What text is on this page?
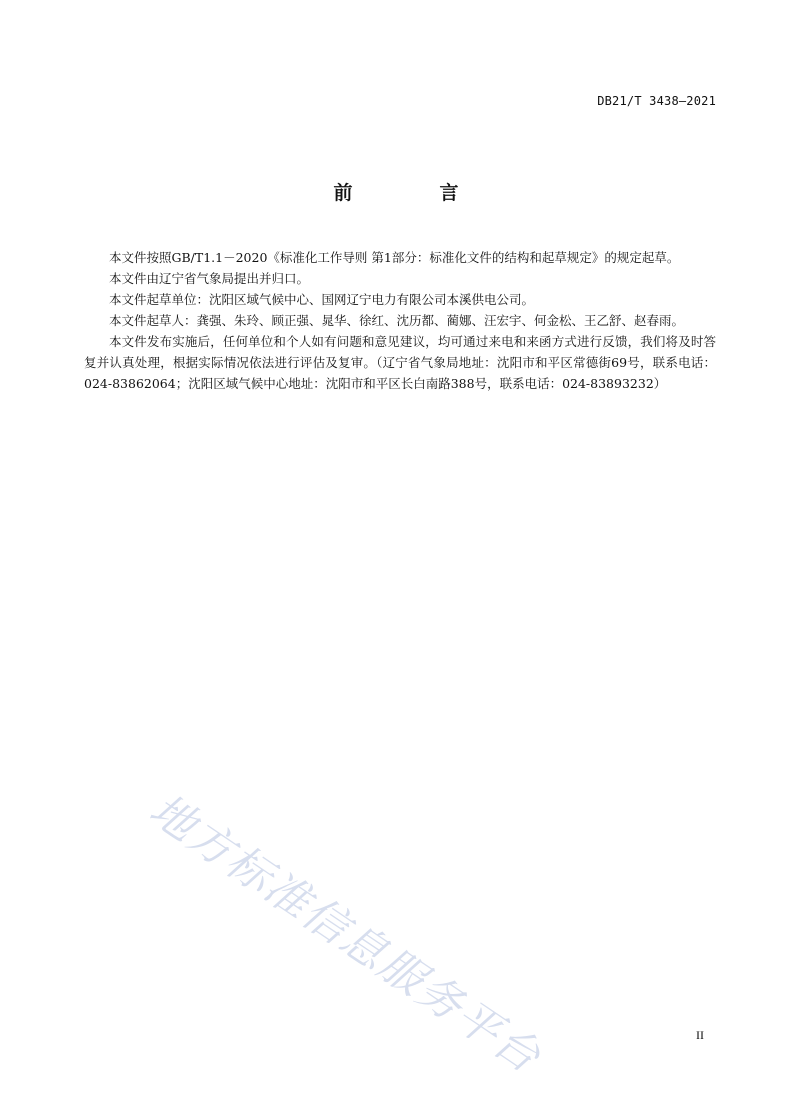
DB21/T 3438—2021
前　言

本文件按照GB/T1.1－2020《标准化工作导则 第1部分：标准化文件的结构和起草规定》的规定起草。

本文件由辽宁省气象局提出并归口。

本文件起草单位：沈阳区域气候中心、国网辽宁电力有限公司本溪供电公司。

本文件起草人：龚强、朱玲、顾正强、晁华、徐红、沈历都、蔺娜、汪宏宇、何金松、王乙舒、赵春雨。

本文件发布实施后，任何单位和个人如有问题和意见建议，均可通过来电和来函方式进行反馈，我们将及时答复并认真处理，根据实际情况依法进行评估及复审。（辽宁省气象局地址：沈阳市和平区常德街69号，联系电话：024-83862064；沈阳区域气候中心地址：沈阳市和平区长白南路388号，联系电话：024-83893232）

地方标准信息服务平台	II
